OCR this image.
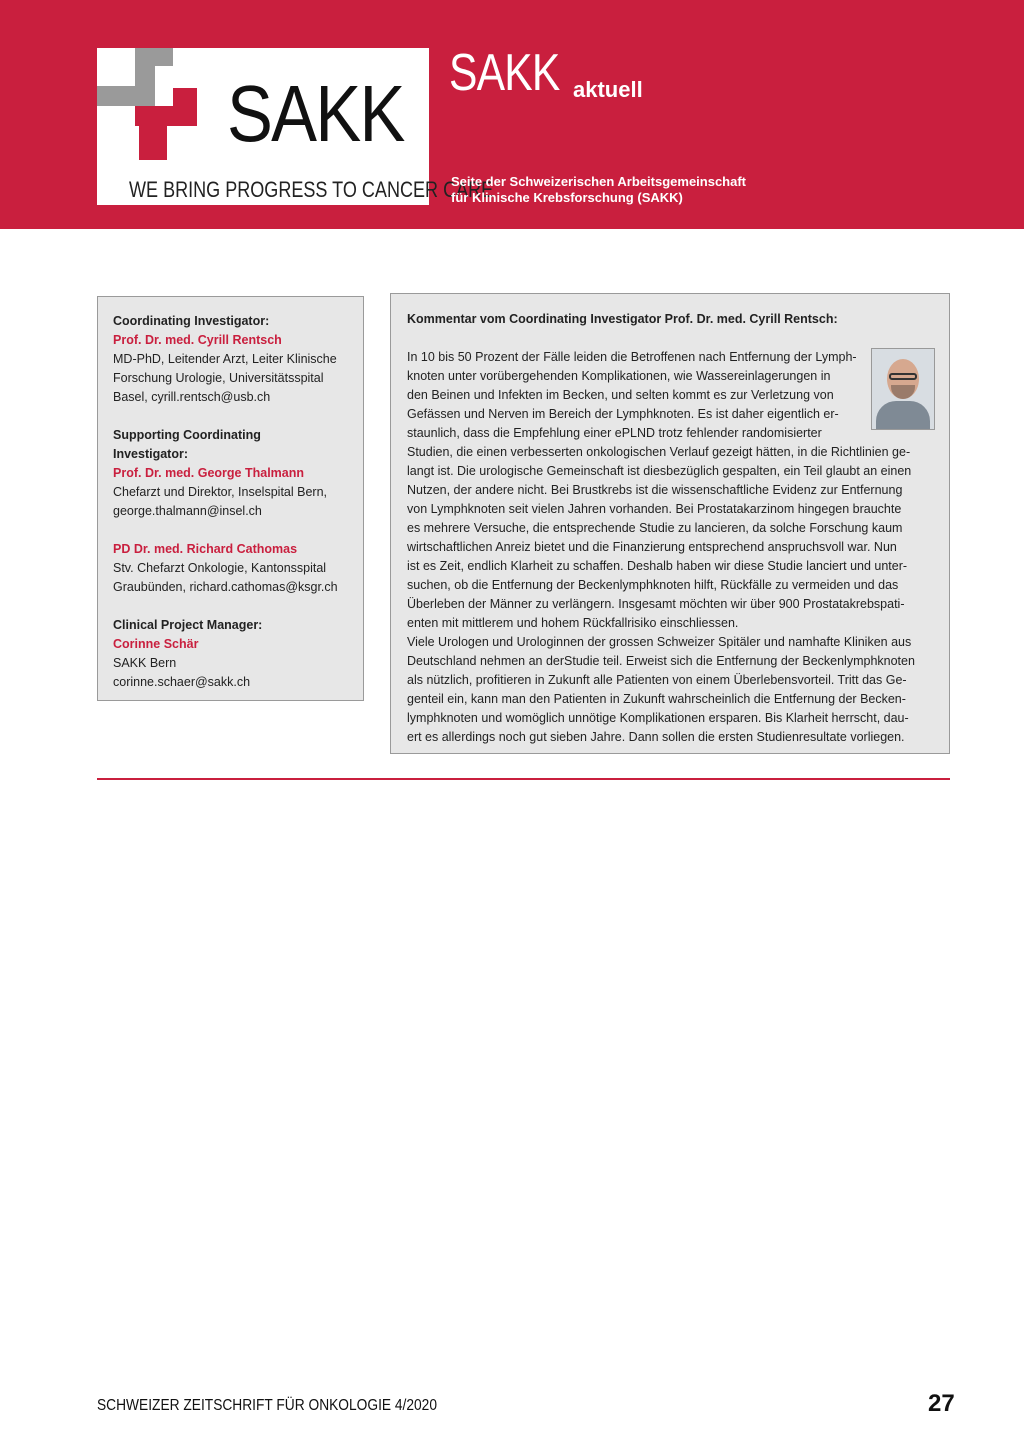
SAKK
WE BRING PROGRESS TO CANCER CARE
SAKK aktuell
Seite der Schweizerischen Arbeitsgemeinschaft
für Klinische Krebsforschung (SAKK)
Coordinating Investigator:
Prof. Dr. med. Cyrill Rentsch
MD-PhD, Leitender Arzt, Leiter Klinische Forschung Urologie, Universitätsspital Basel, cyrill.rentsch@usb.ch
Supporting Coordinating Investigator:
Prof. Dr. med. George Thalmann
Chefarzt und Direktor, Inselspital Bern, george.thalmann@insel.ch
PD Dr. med. Richard Cathomas
Stv. Chefarzt Onkologie, Kantonsspital Graubünden, richard.cathomas@ksgr.ch
Clinical Project Manager:
Corinne Schär
SAKK Bern
corinne.schaer@sakk.ch
Kommentar vom Coordinating Investigator Prof. Dr. med. Cyrill Rentsch:

In 10 bis 50 Prozent der Fälle leiden die Betroffenen nach Entfernung der Lymph-
knoten unter vorübergehenden Komplikationen, wie Wassereinlagerungen in
den Beinen und Infekten im Becken, und selten kommt es zur Verletzung von
Gefässen und Nerven im Bereich der Lymphknoten. Es ist daher eigentlich er-
staunlich, dass die Empfehlung einer ePLND trotz fehlender randomisierter
Studien, die einen verbesserten onkologischen Verlauf gezeigt hätten, in die Richtlinien ge-
langt ist. Die urologische Gemeinschaft ist diesbezüglich gespalten, ein Teil glaubt an einen
Nutzen, der andere nicht. Bei Brustkrebs ist die wissenschaftliche Evidenz zur Entfernung
von Lymphknoten seit vielen Jahren vorhanden. Bei Prostatakarzinom hingegen brauchte
es mehrere Versuche, die entsprechende Studie zu lancieren, da solche Forschung kaum
wirtschaftlichen Anreiz bietet und die Finanzierung entsprechend anspruchsvoll war. Nun
ist es Zeit, endlich Klarheit zu schaffen. Deshalb haben wir diese Studie lanciert und unter-
suchen, ob die Entfernung der Beckenlymphknoten hilft, Rückfälle zu vermeiden und das
Überleben der Männer zu verlängern. Insgesamt möchten wir über 900 Prostatakrebspati-
enten mit mittlerem und hohem Rückfallrisiko einschliessen.

Viele Urologen und Urologinnen der grossen Schweizer Spitäler und namhafte Kliniken aus
Deutschland nehmen an derStudie teil. Erweist sich die Entfernung der Beckenlymphknoten
als nützlich, profitieren in Zukunft alle Patienten von einem Überlebensvorteil. Tritt das Ge-
genteil ein, kann man den Patienten in Zukunft wahrscheinlich die Entfernung der Becken-
lymphknoten und womöglich unnötige Komplikationen ersparen. Bis Klarheit herrscht, dau-
ert es allerdings noch gut sieben Jahre. Dann sollen die ersten Studienresultate vorliegen.

SCHWEIZER ZEITSCHRIFT FÜR ONKOLOGIE 4/2020	27
